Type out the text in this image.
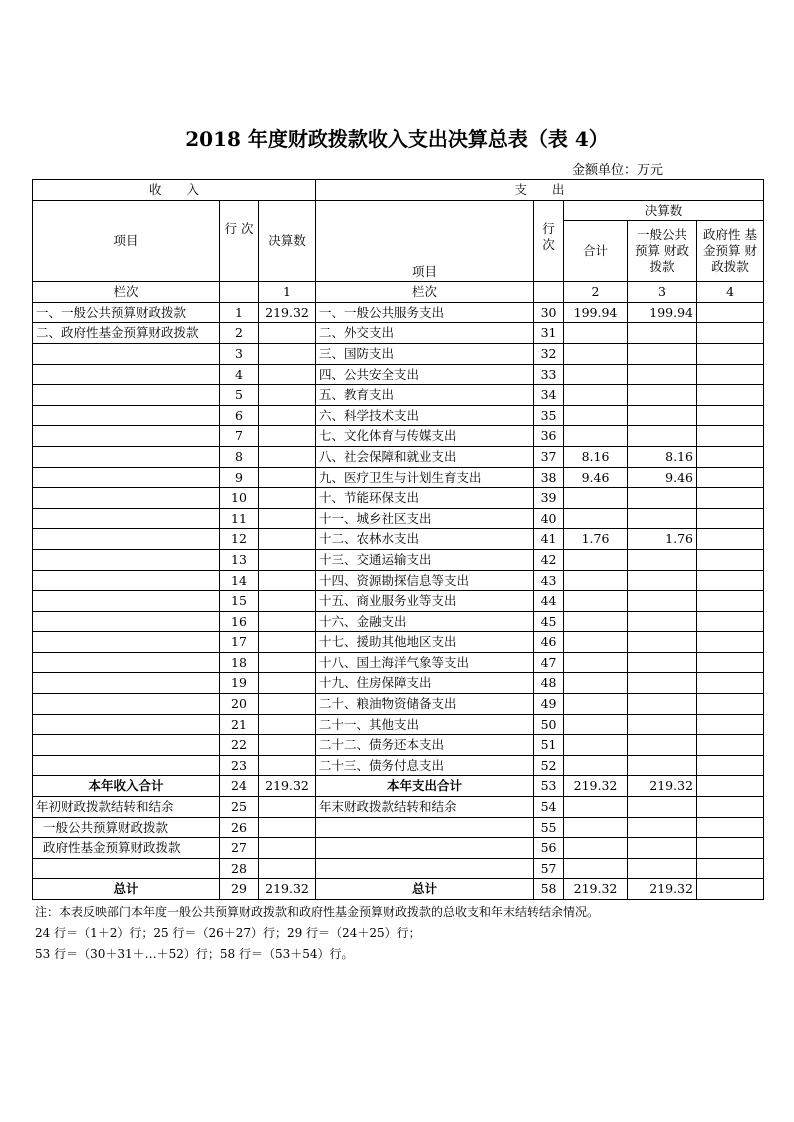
2018 年度财政拨款收入支出决算总表（表 4）
金额单位：万元
收　　入			支　　出				
项目	行 次	决算数	项目	行 次	决算数		
					合计	一般公共 预算 财政拨款	政府性 基金预算 财政拨款
栏次		1	栏次		2	3	4
一、一般公共预算财政拨款	1	219.32	一、一般公共服务支出	30	199.94	199.94	
二、政府性基金预算财政拨款	2		二、外交支出	31			
	3		三、国防支出	32			
	4		四、公共安全支出	33			
	5		五、教育支出	34			
	6		六、科学技术支出	35			
	7		七、文化体育与传媒支出	36			
	8		八、社会保障和就业支出	37	8.16	8.16	
	9		九、医疗卫生与计划生育支出	38	9.46	9.46	
	10		十、节能环保支出	39			
	11		十一、城乡社区支出	40			
	12		十二、农林水支出	41	1.76	1.76	
	13		十三、交通运输支出	42			
	14		十四、资源勘探信息等支出	43			
	15		十五、商业服务业等支出	44			
	16		十六、金融支出	45			
	17		十七、援助其他地区支出	46			
	18		十八、国土海洋气象等支出	47			
	19		十九、住房保障支出	48			
	20		二十、粮油物资储备支出	49			
	21		二十一、其他支出	50			
	22		二十二、债务还本支出	51			
	23		二十三、债务付息支出	52			
本年收入合计	24	219.32	本年支出合计	53	219.32	219.32	
年初财政拨款结转和结余	25		年末财政拨款结转和结余	54			
一般公共预算财政拨款	26			55			
政府性基金预算财政拨款	27			56			
	28			57			
总计	29	219.32	总计	58	219.32	219.32	
注：本表反映部门本年度一般公共预算财政拨款和政府性基金预算财政拨款的总收支和年末结转结余情况。
24 行＝（1＋2）行；25 行＝（26＋27）行；29 行＝（24＋25）行；
53 行＝（30＋31＋…＋52）行；58 行＝（53＋54）行。
